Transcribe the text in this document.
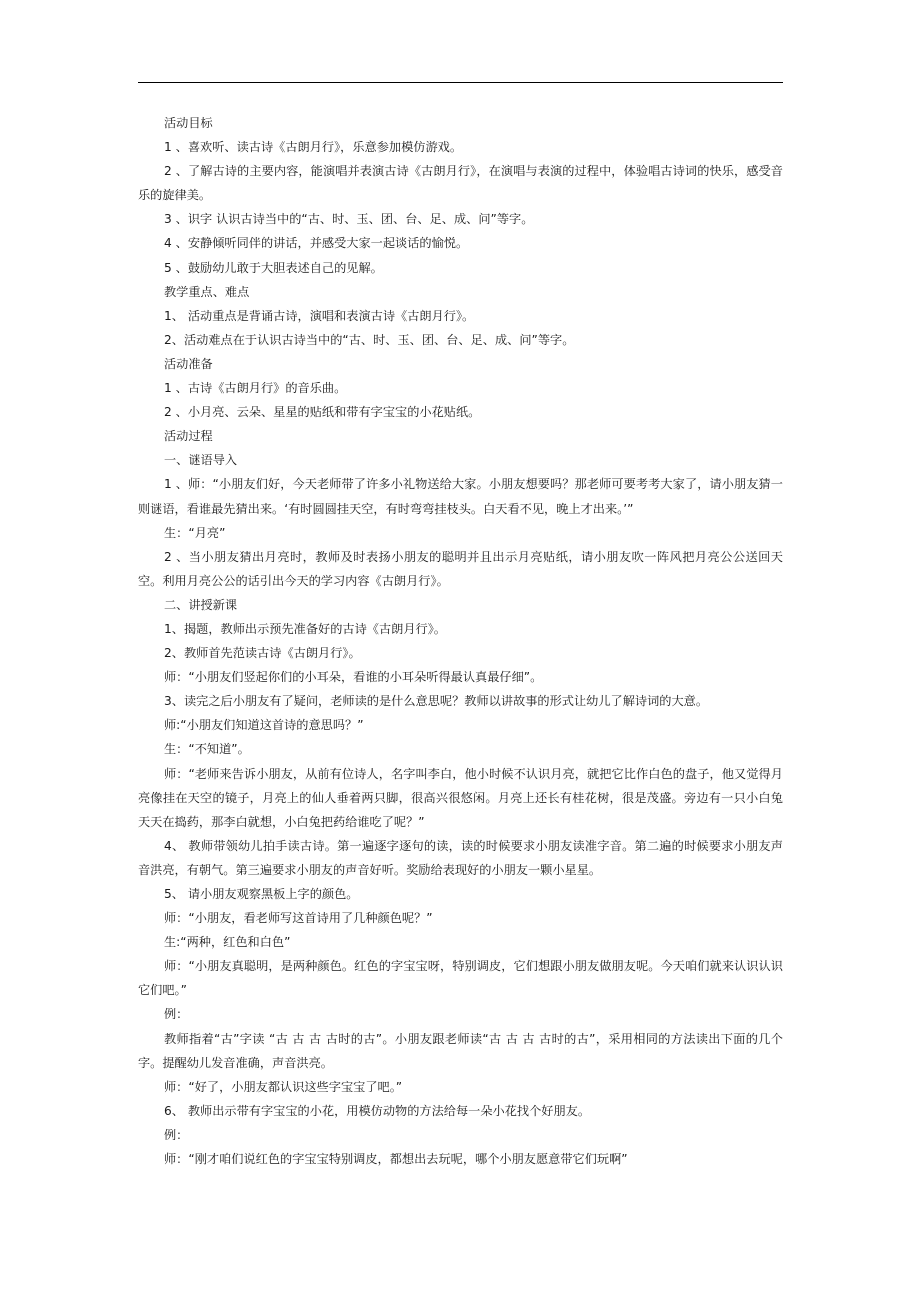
活动目标

1 、喜欢听、读古诗《古朗月行》，乐意参加模仿游戏。

2 、了解古诗的主要内容，能演唱并表演古诗《古朗月行》，在演唱与表演的过程中，体验唱古诗词的快乐，感受音乐的旋律美。

3 、识字 认识古诗当中的“古、时、玉、团、台、足、成、问”等字。

4 、安静倾听同伴的讲话，并感受大家一起谈话的愉悦。

5 、鼓励幼儿敢于大胆表述自己的见解。

教学重点、难点

1、 活动重点是背诵古诗，演唱和表演古诗《古朗月行》。

2、活动难点在于认识古诗当中的“古、时、玉、团、台、足、成、问”等字。

活动准备

1 、古诗《古朗月行》的音乐曲。

2 、小月亮、云朵、星星的贴纸和带有字宝宝的小花贴纸。

活动过程

一、谜语导入

1 、师：“小朋友们好，今天老师带了许多小礼物送给大家。小朋友想要吗？那老师可要考考大家了，请小朋友猜一则谜语，看谁最先猜出来。‘有时圆圆挂天空，有时弯弯挂枝头。白天看不见，晚上才出来。’”

生：“月亮”

2 、当小朋友猜出月亮时，教师及时表扬小朋友的聪明并且出示月亮贴纸，请小朋友吹一阵风把月亮公公送回天空。利用月亮公公的话引出今天的学习内容《古朗月行》。

二、讲授新课

1、揭题，教师出示预先准备好的古诗《古朗月行》。

2、教师首先范读古诗《古朗月行》。

师：“小朋友们竖起你们的小耳朵，看谁的小耳朵听得最认真最仔细”。

3、读完之后小朋友有了疑问，老师读的是什么意思呢？教师以讲故事的形式让幼儿了解诗词的大意。

师:“小朋友们知道这首诗的意思吗？”

生：“不知道”。

师：“老师来告诉小朋友，从前有位诗人，名字叫李白，他小时候不认识月亮，就把它比作白色的盘子，他又觉得月亮像挂在天空的镜子，月亮上的仙人垂着两只脚，很高兴很悠闲。月亮上还长有桂花树，很是茂盛。旁边有一只小白兔天天在捣药，那李白就想，小白兔把药给谁吃了呢？”

4、 教师带领幼儿拍手读古诗。第一遍逐字逐句的读，读的时候要求小朋友读准字音。第二遍的时候要求小朋友声音洪亮，有朝气。第三遍要求小朋友的声音好听。奖励给表现好的小朋友一颗小星星。

5、 请小朋友观察黑板上字的颜色。

师：“小朋友，看老师写这首诗用了几种颜色呢？”

生:“两种，红色和白色”

师：“小朋友真聪明，是两种颜色。红色的字宝宝呀，特别调皮，它们想跟小朋友做朋友呢。今天咱们就来认识认识它们吧。”

例：

教师指着“古”字读 “古 古 古 古时的古”。小朋友跟老师读“古 古 古 古时的古”，采用相同的方法读出下面的几个字。提醒幼儿发音准确，声音洪亮。

师：“好了，小朋友都认识这些字宝宝了吧。”

6、 教师出示带有字宝宝的小花，用模仿动物的方法给每一朵小花找个好朋友。

例：

师：“刚才咱们说红色的字宝宝特别调皮，都想出去玩呢，哪个小朋友愿意带它们玩啊”
